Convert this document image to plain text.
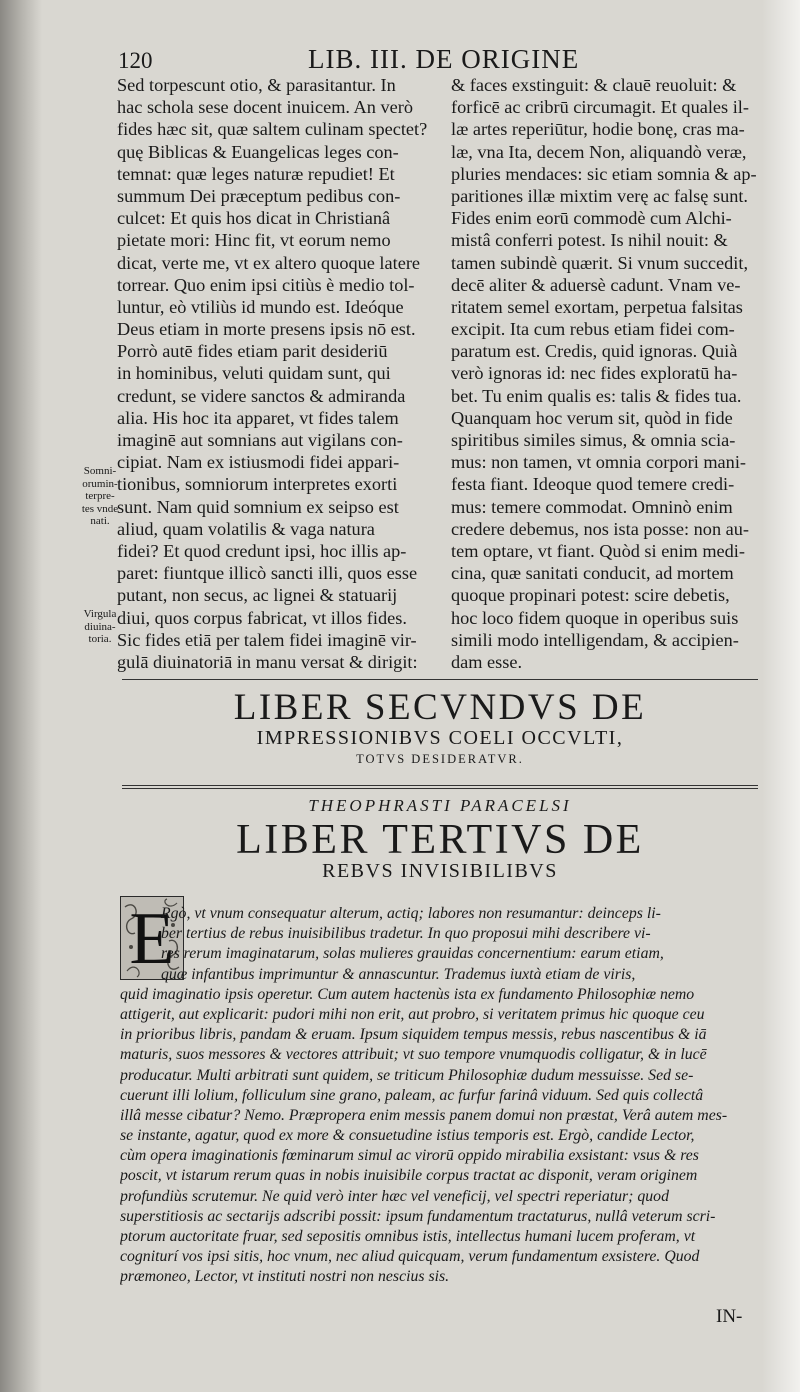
120	LIB. III. DE ORIGINE
Sed torpescunt otio, & parasitantur. In
hac schola sese docent inuicem. An verò
fides hæc sit, quæ saltem culinam spectet?
quę Biblicas & Euangelicas leges con-
temnat: quæ leges naturæ repudiet! Et
summum Dei præceptum pedibus con-
culcet: Et quis hos dicat in Christianâ
pietate mori: Hinc fit, vt eorum nemo
dicat, verte me, vt ex altero quoque latere
torrear. Quo enim ipsi citiùs è medio tol-
luntur, eò vtiliùs id mundo est. Ideóque
Deus etiam in morte presens ipsis nō est.
Porrò autē fides etiam parit desideriū
in hominibus, veluti quidam sunt, qui
credunt, se videre sanctos & admiranda
alia. His hoc ita apparet, vt fides talem
imaginē aut somnians aut vigilans con-
cipiat. Nam ex istiusmodi fidei appari-
tionibus, somniorum interpretes exorti
sunt. Nam quid somnium ex seipso est
aliud, quam volatilis & vaga natura
fidei? Et quod credunt ipsi, hoc illis ap-
paret: fiuntque illicò sancti illi, quos esse
putant, non secus, ac lignei & statuarij
diui, quos corpus fabricat, vt illos fides.
Sic fides etiā per talem fidei imaginē vir-
gulā diuinatoriā in manu versat & dirigit:
& faces exstinguit: & clauē reuoluit: &
forficē ac cribrū circumagit. Et quales il-
læ artes reperiūtur, hodie bonę, cras ma-
læ, vna Ita, decem Non, aliquandò veræ,
pluries mendaces: sic etiam somnia & ap-
paritiones illæ mixtim verę ac falsę sunt.
Fides enim eorū commodè cum Alchi-
mistâ conferri potest. Is nihil nouit: &
tamen subindè quærit. Si vnum succedit,
decē aliter & aduersè cadunt. Vnam ve-
ritatem semel exortam, perpetua falsitas
excipit. Ita cum rebus etiam fidei com-
paratum est. Credis, quid ignoras. Quià
verò ignoras id: nec fides exploratū ha-
bet. Tu enim qualis es: talis & fides tua.
Quanquam hoc verum sit, quòd in fide
spiritibus similes simus, & omnia scia-
mus: non tamen, vt omnia corpori mani-
festa fiant. Ideoque quod temere credi-
mus: temere commodat. Omninò enim
credere debemus, nos ista posse: non au-
tem optare, vt fiant. Quòd si enim medi-
cina, quæ sanitati conducit, ad mortem
quoque propinari potest: scire debetis,
hoc loco fidem quoque in operibus suis
simili modo intelligendam, & accipien-
dam esse.
Somni-
orumin-
terpre-
tes vnde
nati.
Virgula
diuina-
toria.
LIBER SECVNDVS DE
IMPRESSIONIBVS COELI OCCVLTI,
TOTVS DESIDERATVR.
THEOPHRASTI PARACELSI
LIBER TERTIVS DE
REBVS INVISIBILIBVS
E
Rgò, vt vnum consequatur alterum, actiq; labores non resumantur: deinceps li-
ber tertius de rebus inuisibilibus tradetur. In quo proposui mihi describere vi-
res rerum imaginatarum, solas mulieres grauidas concernentium: earum etiam,
quæ infantibus imprimuntur & annascuntur. Trademus iuxtà etiam de viris,
quid imaginatio ipsis operetur. Cum autem hactenùs ista ex fundamento Philosophiæ nemo
attigerit, aut explicarit: pudori mihi non erit, aut probro, si veritatem primus hic quoque ceu
in prioribus libris, pandam & eruam. Ipsum siquidem tempus messis, rebus nascentibus & iā
maturis, suos messores & vectores attribuit; vt suo tempore vnumquodis colligatur, & in lucē
producatur. Multi arbitrati sunt quidem, se triticum Philosophiæ dudum messuisse. Sed se-
cuerunt illi lolium, folliculum sine grano, paleam, ac furfur farinâ viduum. Sed quis collectâ
illâ messe cibatur? Nemo. Præpropera enim messis panem domui non præstat, Verâ autem mes-
se instante, agatur, quod ex more & consuetudine istius temporis est. Ergò, candide Lector,
cùm opera imaginationis fœminarum simul ac virorū oppido mirabilia exsistant: vsus & res
poscit, vt istarum rerum quas in nobis inuisibile corpus tractat ac disponit, veram originem
profundiùs scrutemur. Ne quid verò inter hæc vel veneficij, vel spectri reperiatur; quod
superstitiosis ac sectarijs adscribi possit: ipsum fundamentum tractaturus, nullâ veterum scri-
ptorum auctoritate fruar, sed sepositis omnibus istis, intellectus humani lucem proferam, vt
cogniturí vos ipsi sitis, hoc vnum, nec aliud quicquam, verum fundamentum exsistere. Quod
præmoneo, Lector, vt instituti nostri non nescius sis.
IN-
